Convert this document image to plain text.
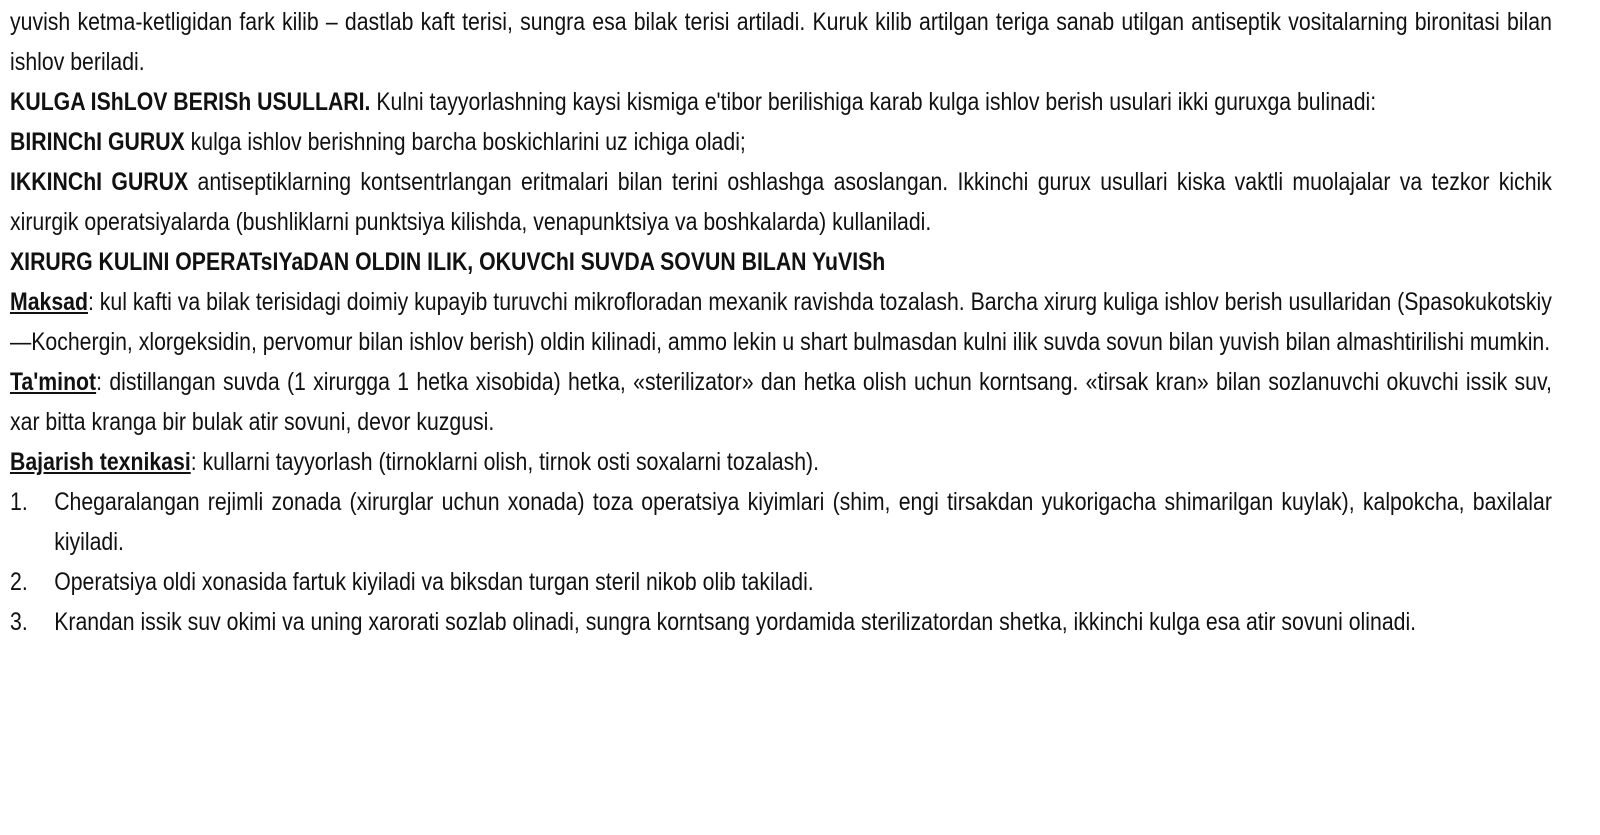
yuvish ketma-ketligidan fark kilib – dastlab kaft terisi, sungra esa bilak terisi artiladi. Kuruk kilib artilgan teriga sanab utilgan antiseptik vositalarning bironitasi bilan ishlov beriladi.

KULGA IShLOV BERISh USULLARI. Kulni tayyorlashning kaysi kismiga e'tibor berilishiga karab kulga ishlov berish usulari ikki guruxga bulinadi:

BIRINChI GURUX kulga ishlov berishning barcha boskichlarini uz ichiga oladi;

IKKINChI GURUX antiseptiklarning kontsentrlangan eritmalari bilan terini oshlashga asoslangan. Ikkinchi gurux usullari kiska vaktli muolajalar va tezkor kichik xirurgik operatsiyalarda (bushliklarni punktsiya kilishda, venapunktsiya va boshkalarda) kullaniladi.

XIRURG KULINI OPERATsIYaDAN OLDIN ILIK, OKUVChI SUVDA SOVUN BILAN YuVISh

Maksad: kul kafti va bilak terisidagi doimiy kupayib turuvchi mikrofloradan mexanik ravishda tozalash. Barcha xirurg kuliga ishlov berish usullaridan (Spasokukotskiy—Kochergin, xlorgeksidin, pervomur bilan ishlov berish) oldin kilinadi, ammo lekin u shart bulmasdan kulni ilik suvda sovun bilan yuvish bilan almashtirilishi mumkin.

Ta'minot: distillangan suvda (1 xirurgga 1 hetka xisobida) hetka, «sterilizator» dan hetka olish uchun korntsang. «tirsak kran» bilan sozlanuvchi okuvchi issik suv, xar bitta kranga bir bulak atir sovuni, devor kuzgusi.

Bajarish texnikasi: kullarni tayyorlash (tirnoklarni olish, tirnok osti soxalarni tozalash).

1. Chegaralangan rejimli zonada (xirurglar uchun xonada) toza operatsiya kiyimlari (shim, engi tirsakdan yukorigacha shimarilgan kuylak), kalpokcha, baxilalar kiyiladi.
2. Operatsiya oldi xonasida fartuk kiyiladi va biksdan turgan steril nikob olib takiladi.
3. Krandan issik suv okimi va uning xarorati sozlab olinadi, sungra korntsang yordamida sterilizatordan shetka, ikkinchi kulga esa atir sovuni olinadi.
